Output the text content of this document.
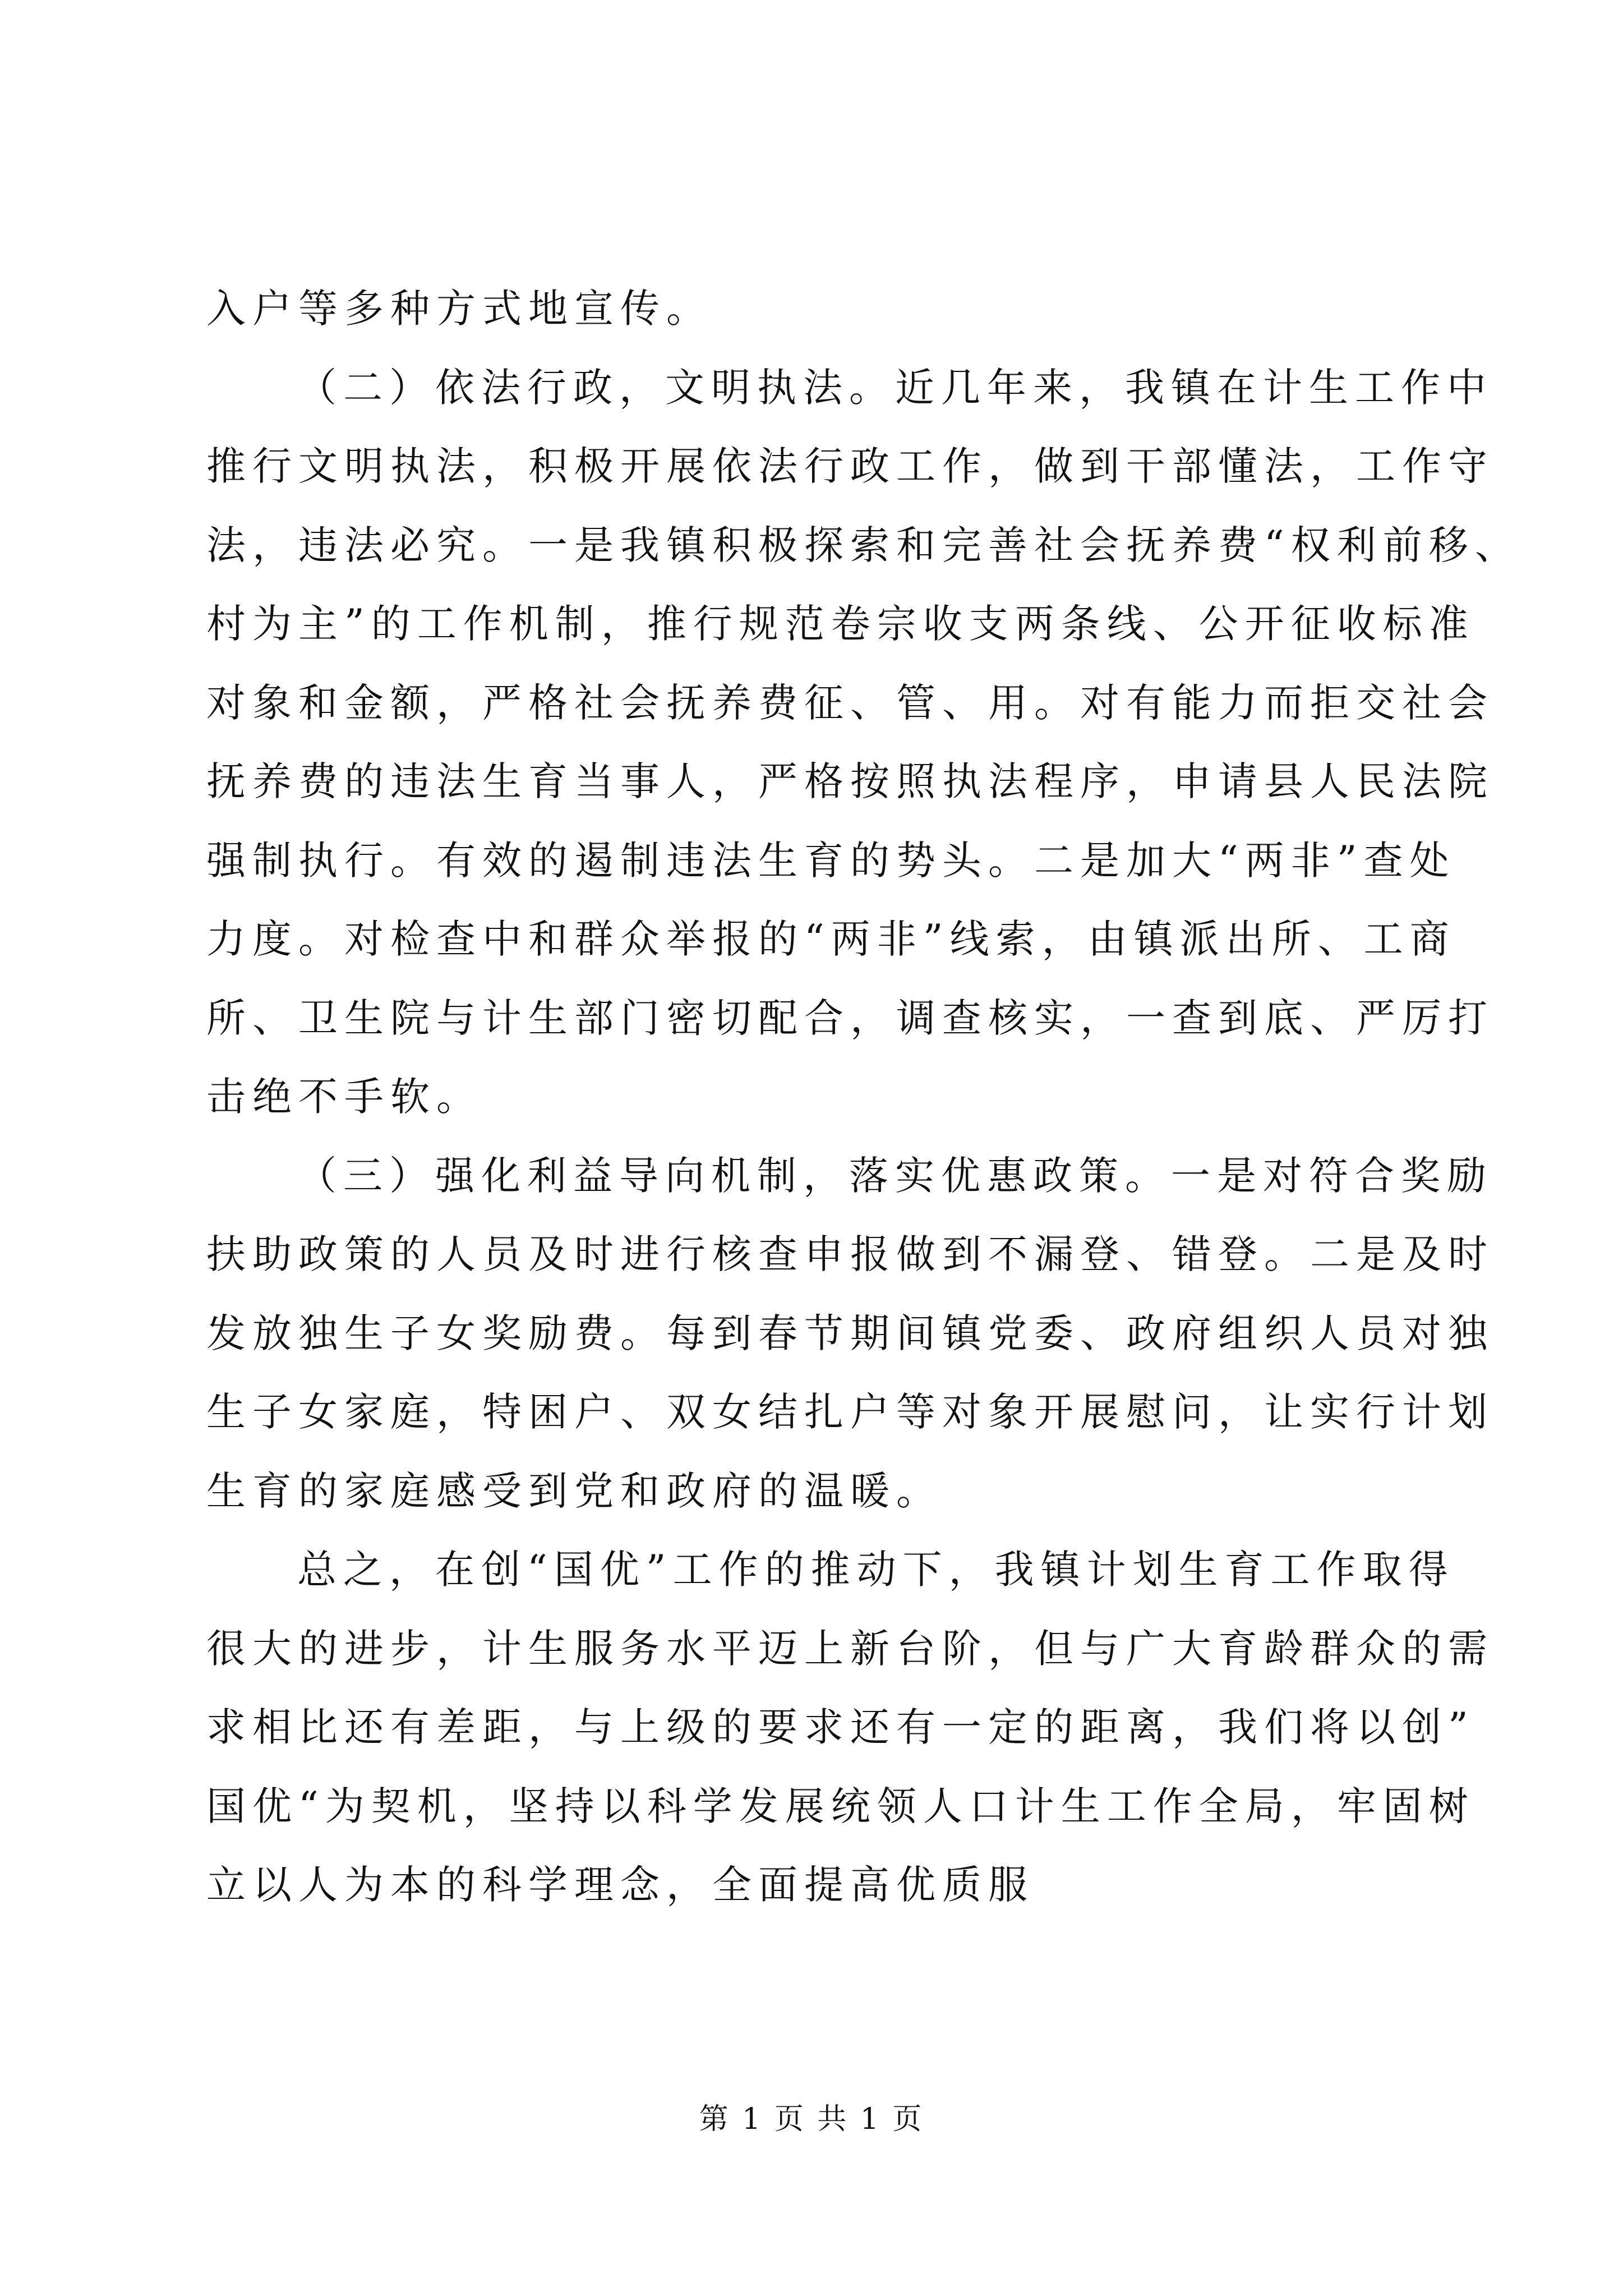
入户等多种方式地宣传。
（二）依法行政，文明执法。近几年来，我镇在计生工作中
推行文明执法，积极开展依法行政工作，做到干部懂法，工作守
法，违法必究。一是我镇积极探索和完善社会抚养费“权利前移、
村为主”的工作机制，推行规范卷宗收支两条线、公开征收标准
对象和金额，严格社会抚养费征、管、用。对有能力而拒交社会
抚养费的违法生育当事人，严格按照执法程序，申请县人民法院
强制执行。有效的遏制违法生育的势头。二是加大“两非”查处
力度。对检查中和群众举报的“两非”线索，由镇派出所、工商
所、卫生院与计生部门密切配合，调查核实，一查到底、严厉打
击绝不手软。
（三）强化利益导向机制，落实优惠政策。一是对符合奖励
扶助政策的人员及时进行核查申报做到不漏登、错登。二是及时
发放独生子女奖励费。每到春节期间镇党委、政府组织人员对独
生子女家庭，特困户、双女结扎户等对象开展慰问，让实行计划
生育的家庭感受到党和政府的温暖。
总之，在创“国优”工作的推动下，我镇计划生育工作取得
很大的进步，计生服务水平迈上新台阶，但与广大育龄群众的需
求相比还有差距，与上级的要求还有一定的距离，我们将以创”
国优“为契机，坚持以科学发展统领人口计生工作全局，牢固树
立以人为本的科学理念，全面提高优质服
第 1 页 共 1 页
